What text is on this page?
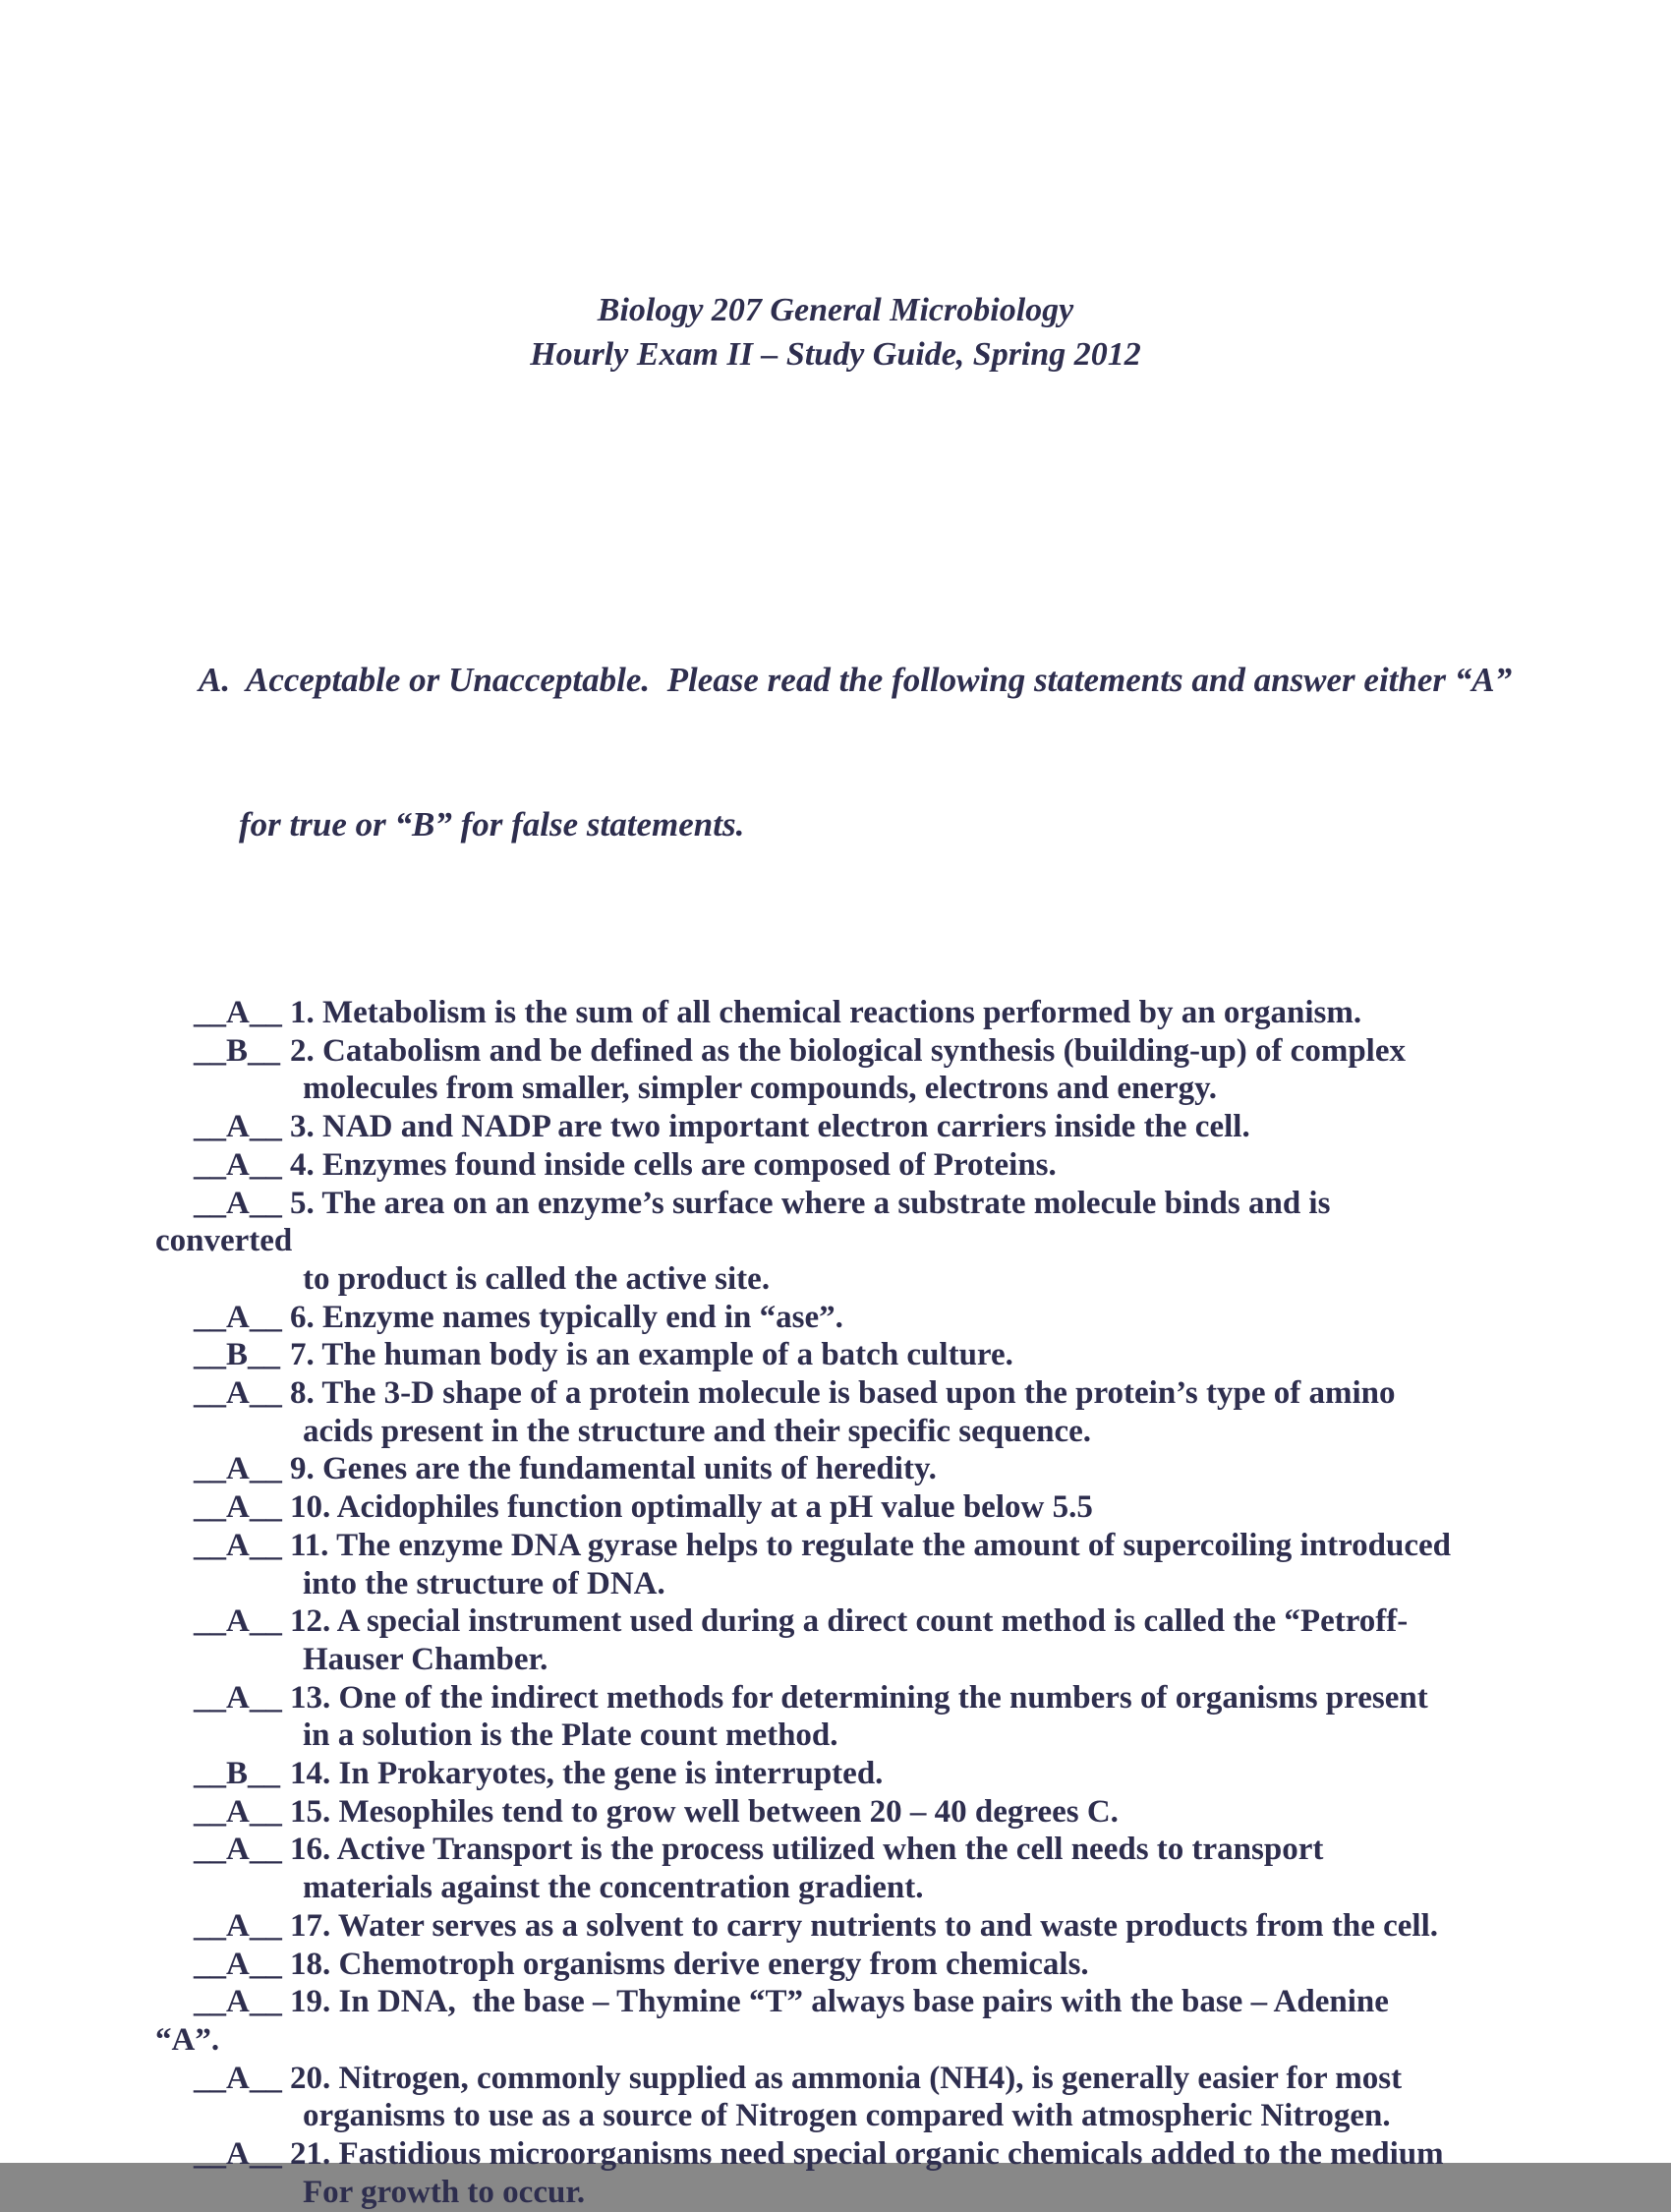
Biology 207 General Microbiology
Hourly Exam II – Study Guide, Spring 2012

A. Acceptable or Unacceptable.  Please read the following statements and answer either “A”

for true or “B” for false statements.

__A__ 1. Metabolism is the sum of all chemical reactions performed by an organism.
__B__ 2. Catabolism and be defined as the biological synthesis (building-up) of complex
molecules from smaller, simpler compounds, electrons and energy.
__A__ 3. NAD and NADP are two important electron carriers inside the cell.
__A__ 4. Enzymes found inside cells are composed of Proteins.
__A__ 5. The area on an enzyme’s surface where a substrate molecule binds and is
converted
to product is called the active site.
__A__ 6. Enzyme names typically end in “ase”.
__B__ 7. The human body is an example of a batch culture.
__A__ 8. The 3-D shape of a protein molecule is based upon the protein’s type of amino
acids present in the structure and their specific sequence.
__A__ 9. Genes are the fundamental units of heredity.
__A__ 10. Acidophiles function optimally at a pH value below 5.5
__A__ 11. The enzyme DNA gyrase helps to regulate the amount of supercoiling introduced
into the structure of DNA.
__A__ 12. A special instrument used during a direct count method is called the “Petroff-
Hauser Chamber.
__A__ 13. One of the indirect methods for determining the numbers of organisms present
in a solution is the Plate count method.
__B__ 14. In Prokaryotes, the gene is interrupted.
__A__ 15. Mesophiles tend to grow well between 20 – 40 degrees C.
__A__ 16. Active Transport is the process utilized when the cell needs to transport
materials against the concentration gradient.
__A__ 17. Water serves as a solvent to carry nutrients to and waste products from the cell.
__A__ 18. Chemotroph organisms derive energy from chemicals.
__A__ 19. In DNA,  the base – Thymine “T” always base pairs with the base – Adenine
“A”.
__A__ 20. Nitrogen, commonly supplied as ammonia (NH4), is generally easier for most
organisms to use as a source of Nitrogen compared with atmospheric Nitrogen.
__A__ 21. Fastidious microorganisms need special organic chemicals added to the medium
For growth to occur.
